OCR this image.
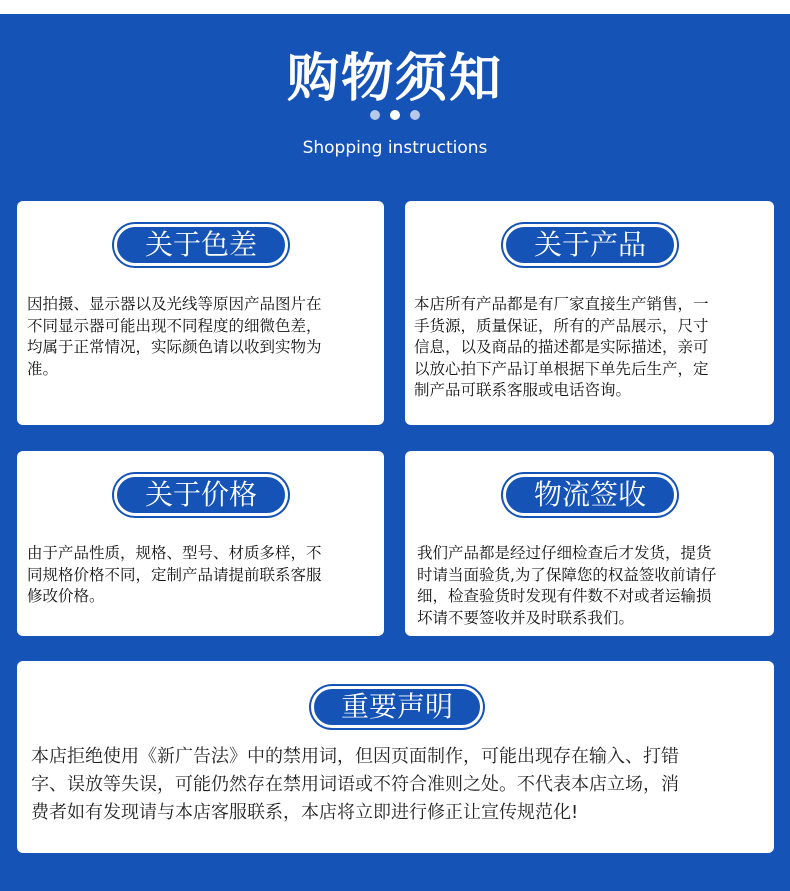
购物须知
Shopping instructions
关于色差
因拍摄、显示器以及光线等原因产品图片在
不同显示器可能出现不同程度的细微色差，
均属于正常情况，实际颜色请以收到实物为
准。
关于产品
本店所有产品都是有厂家直接生产销售，一
手货源，质量保证，所有的产品展示，尺寸
信息，以及商品的描述都是实际描述，亲可
以放心拍下产品订单根据下单先后生产，定
制产品可联系客服或电话咨询。
关于价格
由于产品性质，规格、型号、材质多样，不
同规格价格不同，定制产品请提前联系客服
修改价格。
物流签收
我们产品都是经过仔细检查后才发货，提货
时请当面验货,为了保障您的权益签收前请仔
细，检查验货时发现有件数不对或者运输损
坏请不要签收并及时联系我们。
重要声明
本店拒绝使用《新广告法》中的禁用词，但因页面制作，可能出现存在输入、打错
字、误放等失误，可能仍然存在禁用词语或不符合准则之处。不代表本店立场，消
费者如有发现请与本店客服联系，本店将立即进行修正让宣传规范化!
